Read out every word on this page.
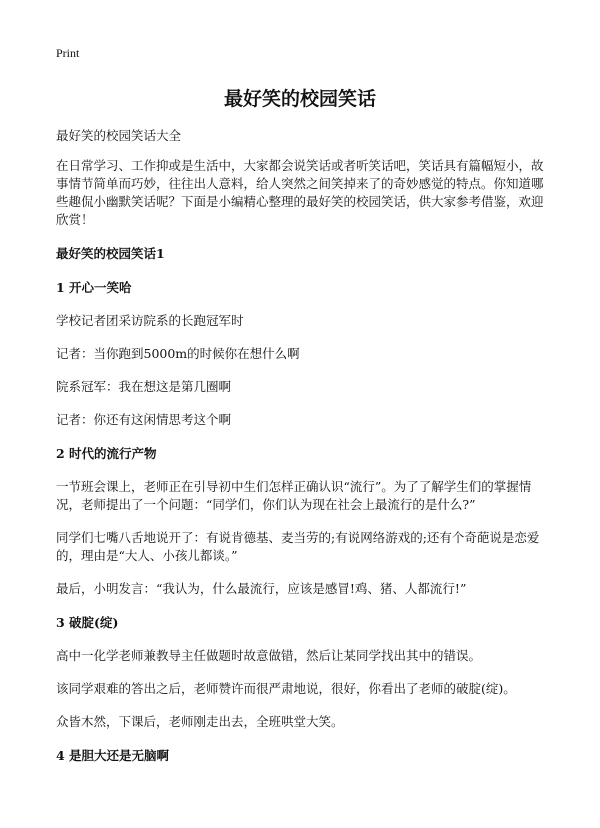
Print
最好笑的校园笑话

最好笑的校园笑话大全

在日常学习、工作抑或是生活中，大家都会说笑话或者听笑话吧，笑话具有篇幅短小，故事情节简单而巧妙，往往出人意料，给人突然之间笑掉来了的奇妙感觉的特点。你知道哪些趣侃小幽默笑话呢？下面是小编精心整理的最好笑的校园笑话，供大家参考借鉴，欢迎欣赏！

最好笑的校园笑话1

1 开心一笑哈

学校记者团采访院系的长跑冠军时

记者：当你跑到5000m的时候你在想什么啊

院系冠军：我在想这是第几圈啊

记者：你还有这闲情思考这个啊

2 时代的流行产物

一节班会课上，老师正在引导初中生们怎样正确认识“流行”。为了了解学生们的掌握情况，老师提出了一个问题：“同学们，你们认为现在社会上最流行的是什么?”

同学们七嘴八舌地说开了：有说肯德基、麦当劳的;有说网络游戏的;还有个奇葩说是恋爱的，理由是“大人、小孩儿都谈。”

最后，小明发言：“我认为，什么最流行，应该是感冒!鸡、猪、人都流行!”

3 破腚(绽)

高中一化学老师兼教导主任做题时故意做错，然后让某同学找出其中的错误。

该同学艰难的答出之后，老师赞许而很严肃地说，很好，你看出了老师的破腚(绽)。

众皆木然，下课后，老师刚走出去，全班哄堂大笑。

4 是胆大还是无脑啊
